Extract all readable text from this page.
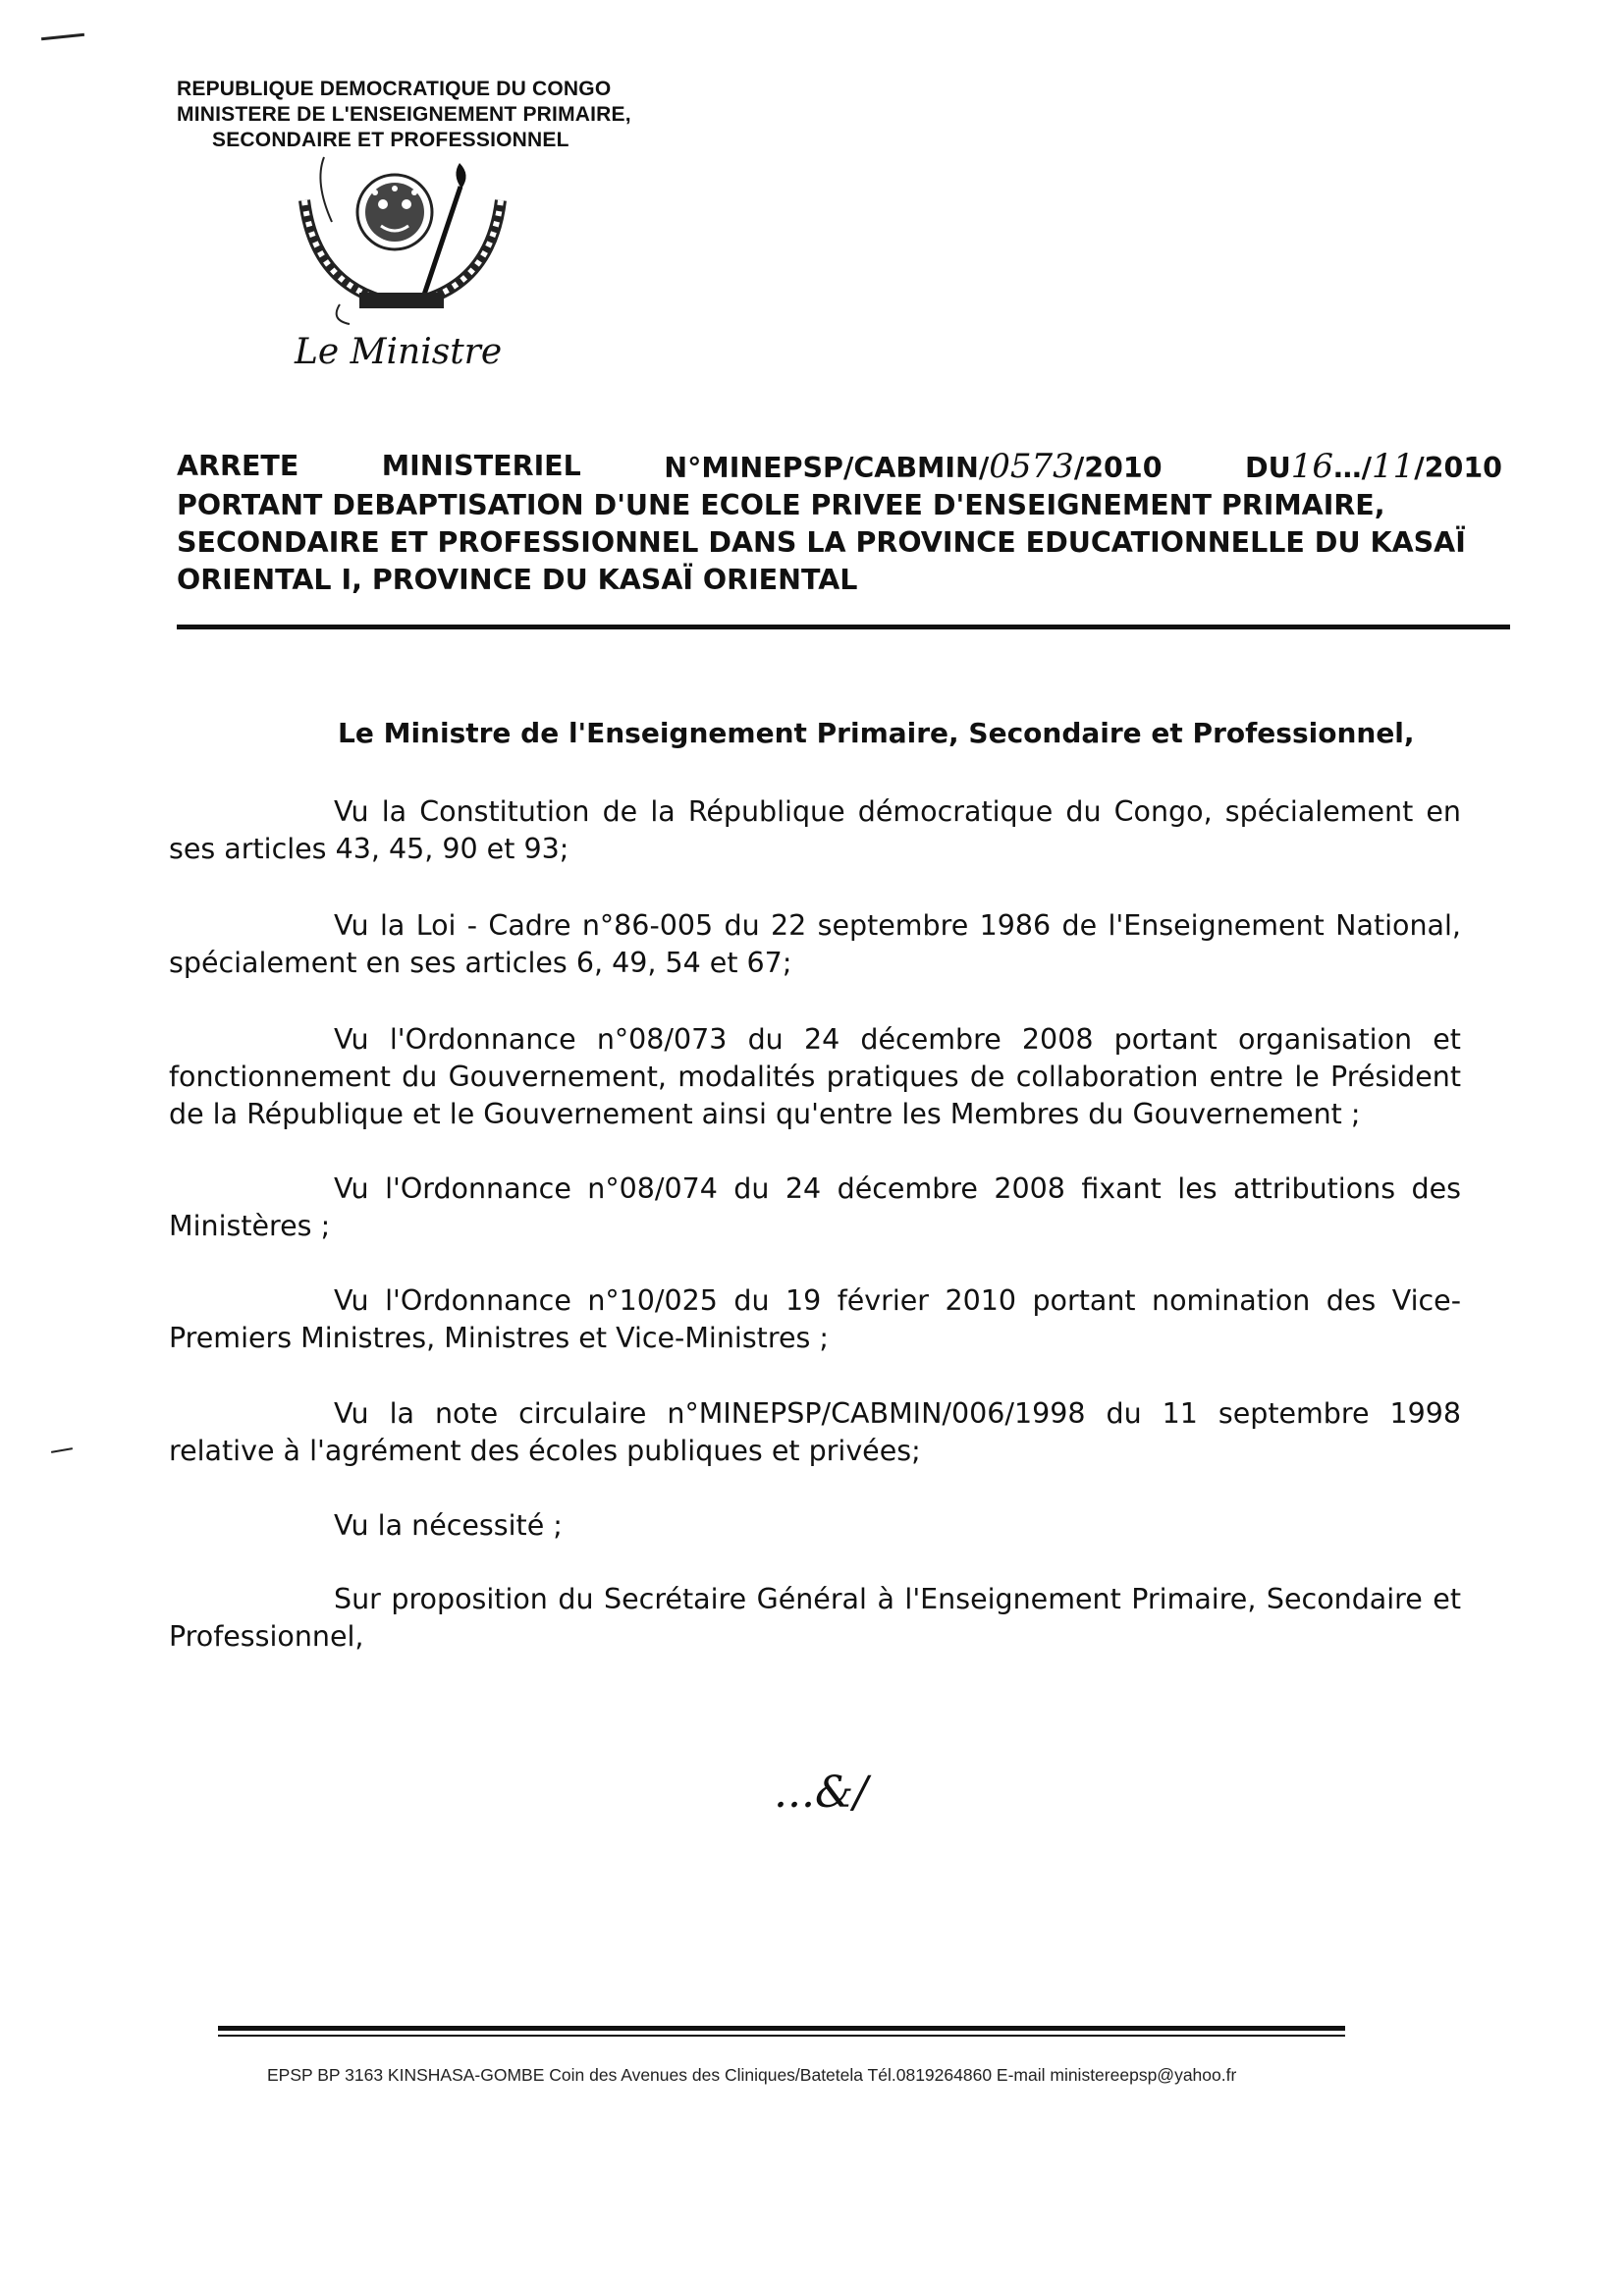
REPUBLIQUE DEMOCRATIQUE DU CONGO
MINISTERE DE L'ENSEIGNEMENT PRIMAIRE,
SECONDAIRE ET PROFESSIONNEL
Le Ministre
ARRETE	MINISTERIEL	N°MINEPSP/CABMIN/0573/2010	DU16…/11/2010
PORTANT DEBAPTISATION D'UNE ECOLE PRIVEE D'ENSEIGNEMENT PRIMAIRE,
SECONDAIRE ET PROFESSIONNEL DANS LA PROVINCE EDUCATIONNELLE DU KASAÏ
ORIENTAL I, PROVINCE DU KASAÏ ORIENTAL
Le Ministre de l'Enseignement Primaire, Secondaire et Professionnel,

Vu la Constitution de la République démocratique du Congo, spécialement en ses articles 43, 45, 90 et 93;

Vu la Loi - Cadre n°86-005 du 22 septembre 1986 de l'Enseignement National, spécialement en ses articles 6, 49, 54 et 67;

Vu l'Ordonnance n°08/073 du 24 décembre 2008 portant organisation et fonctionnement du Gouvernement, modalités pratiques de collaboration entre le Président de la République et le Gouvernement ainsi qu'entre les Membres du Gouvernement ;

Vu l'Ordonnance n°08/074 du 24 décembre 2008 fixant les attributions des Ministères ;

Vu l'Ordonnance n°10/025 du 19 février 2010 portant nomination des Vice-Premiers Ministres, Ministres et Vice-Ministres ;

Vu la note circulaire n°MINEPSP/CABMIN/006/1998 du 11 septembre 1998 relative à l'agrément des écoles publiques et privées;

Vu la nécessité ;

Sur proposition du Secrétaire Général à l'Enseignement Primaire, Secondaire et Professionnel,

...&/
EPSP BP 3163 KINSHASA-GOMBE Coin des Avenues des Cliniques/Batetela Tél.0819264860 E-mail ministereepsp@yahoo.fr
